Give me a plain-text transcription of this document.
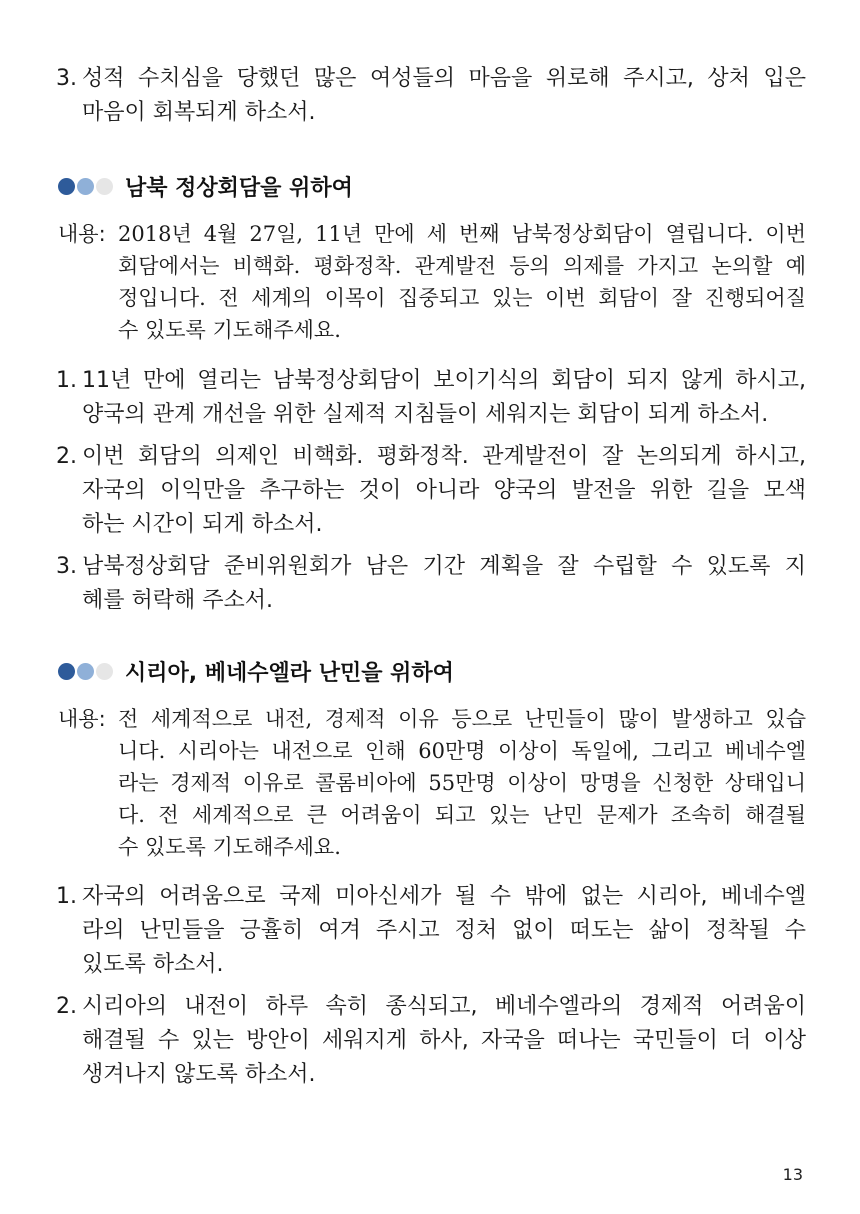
3. 성적 수치심을 당했던 많은 여성들의 마음을 위로해 주시고, 상처 입은
마음이 회복되게 하소서.
남북 정상회담을 위하여
내용: 2018년 4월 27일, 11년 만에 세 번째 남북정상회담이 열립니다. 이번
회담에서는 비핵화. 평화정착. 관계발전 등의 의제를 가지고 논의할 예
정입니다. 전 세계의 이목이 집중되고 있는 이번 회담이 잘 진행되어질
수 있도록 기도해주세요.
1. 11년 만에 열리는 남북정상회담이 보이기식의 회담이 되지 않게 하시고,
양국의 관계 개선을 위한 실제적 지침들이 세워지는 회담이 되게 하소서.
2. 이번 회담의 의제인 비핵화. 평화정착. 관계발전이 잘 논의되게 하시고,
자국의 이익만을 추구하는 것이 아니라 양국의 발전을 위한 길을 모색
하는 시간이 되게 하소서.
3. 남북정상회담 준비위원회가 남은 기간 계획을 잘 수립할 수 있도록 지
혜를 허락해 주소서.
시리아, 베네수엘라 난민을 위하여
내용: 전 세계적으로 내전, 경제적 이유 등으로 난민들이 많이 발생하고 있습
니다. 시리아는 내전으로 인해 60만명 이상이 독일에, 그리고 베네수엘
라는 경제적 이유로 콜롬비아에 55만명 이상이 망명을 신청한 상태입니
다. 전 세계적으로 큰 어려움이 되고 있는 난민 문제가 조속히 해결될
수 있도록 기도해주세요.
1. 자국의 어려움으로 국제 미아신세가 될 수 밖에 없는 시리아, 베네수엘
라의 난민들을 긍휼히 여겨 주시고 정처 없이 떠도는 삶이 정착될 수
있도록 하소서.
2. 시리아의 내전이 하루 속히 종식되고, 베네수엘라의 경제적 어려움이
해결될 수 있는 방안이 세워지게 하사, 자국을 떠나는 국민들이 더 이상
생겨나지 않도록 하소서.
13
